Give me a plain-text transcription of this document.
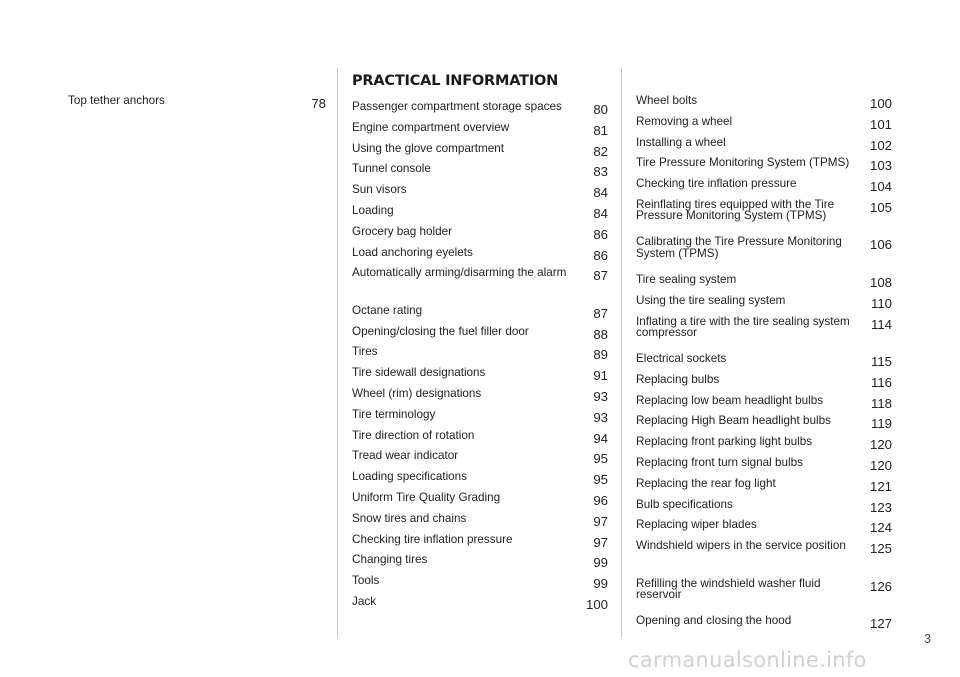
Top tether anchors	78
PRACTICAL INFORMATION
Passenger compartment storage spaces 80
Engine compartment overview	81
Using the glove compartment	82
Tunnel console	83
Sun visors	84
Loading	84
Grocery bag holder	86
Load anchoring eyelets	86
Automatically arming/disarming the alarm 87
Octane rating	87
Opening/closing the fuel filler door	88
Tires	89
Tire sidewall designations	91
Wheel (rim) designations	93
Tire terminology	93
Tire direction of rotation	94
Tread wear indicator	95
Loading specifications	95
Uniform Tire Quality Grading	96
Snow tires and chains	97
Checking tire inflation pressure	97
Changing tires	99
Tools	99
Jack	100
Wheel bolts	100
Removing a wheel	101
Installing a wheel	102
Tire Pressure Monitoring System (TPMS) 103
Checking tire inflation pressure	104
Reinflating tires equipped with the Tire Pressure Monitoring System (TPMS)
105
Calibrating the Tire Pressure Monitoring System (TPMS)
106
Tire sealing system	108
Using the tire sealing system	110
Inflating a tire with the tire sealing system compressor
114
Electrical sockets	115
Replacing bulbs	116
Replacing low beam headlight bulbs	118
Replacing High Beam headlight bulbs	119
Replacing front parking light bulbs	120
Replacing front turn signal bulbs	120
Replacing the rear fog light	121
Bulb specifications	123
Replacing wiper blades	124
Windshield wipers in the service position 125
Refilling the windshield washer fluid reservoir
126
Opening and closing the hood	127
3
carmanualsonline.info
